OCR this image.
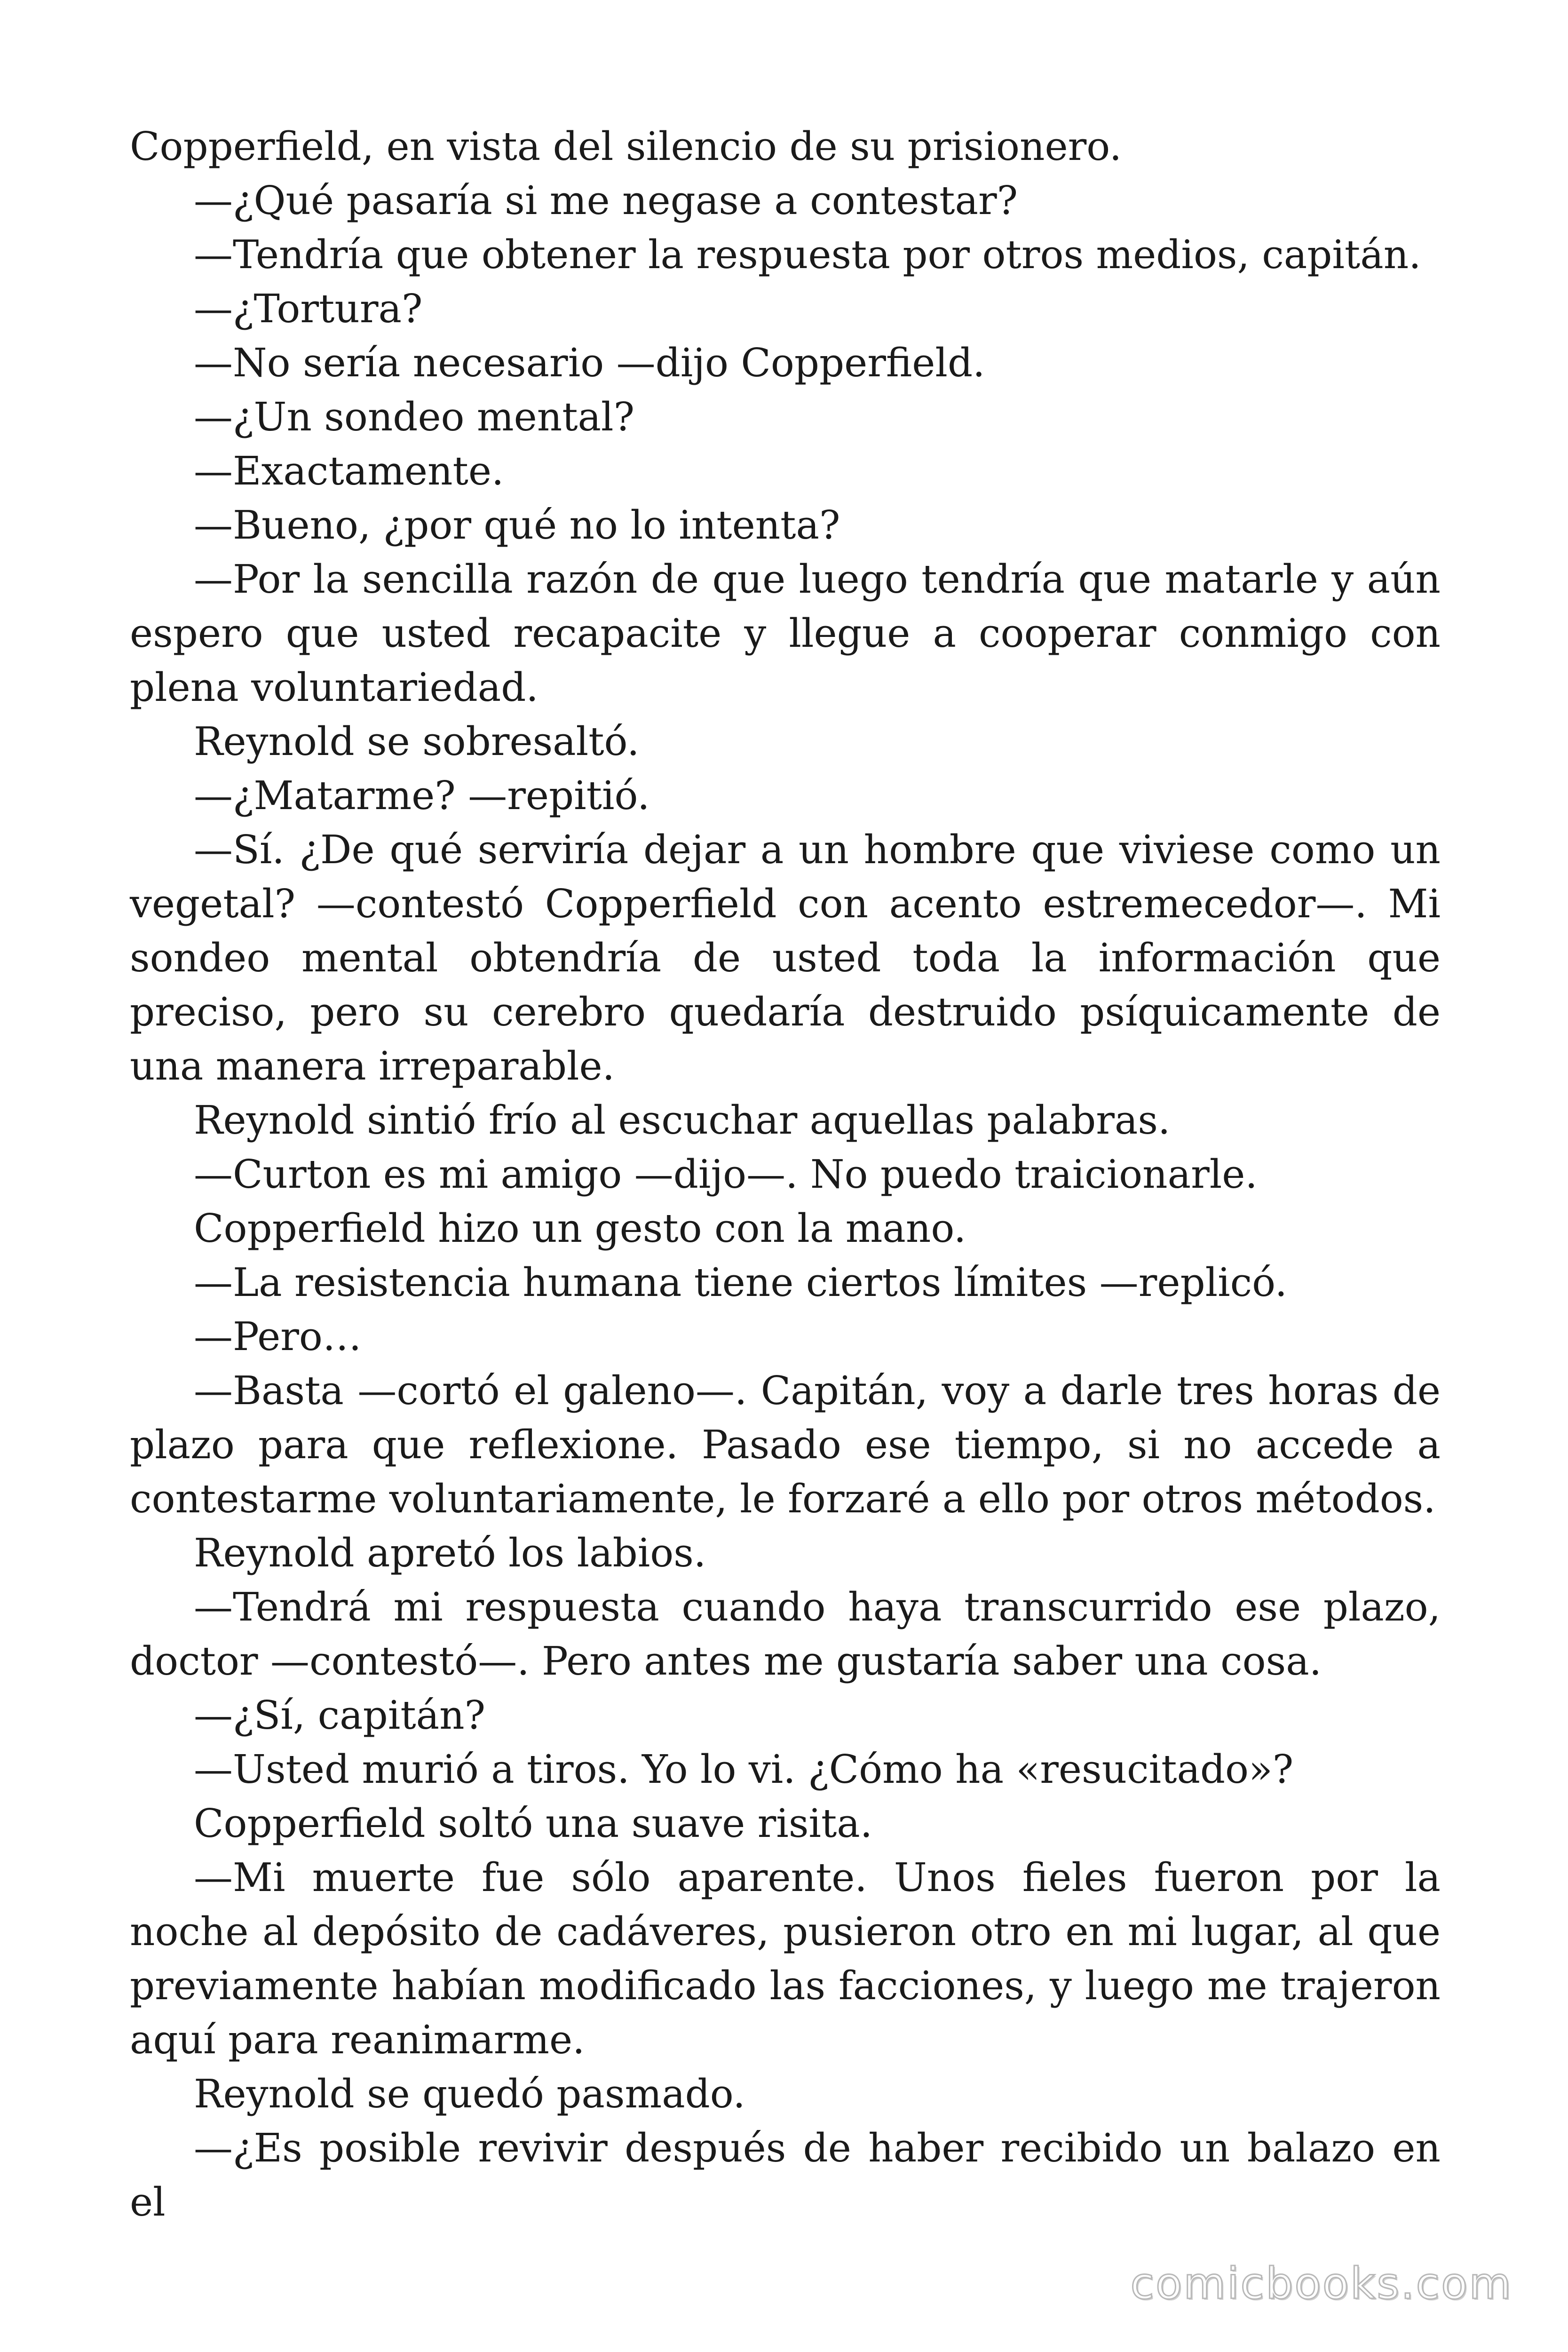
Copperfield, en vista del silencio de su prisionero.

—¿Qué pasaría si me negase a contestar?

—Tendría que obtener la respuesta por otros medios, capitán.

—¿Tortura?

—No sería necesario —dijo Copperfield.

—¿Un sondeo mental?

—Exactamente.

—Bueno, ¿por qué no lo intenta?

—Por la sencilla razón de que luego tendría que matarle y aún espero que usted recapacite y llegue a cooperar conmigo con plena voluntariedad.

Reynold se sobresaltó.

—¿Matarme? —repitió.

—Sí. ¿De qué serviría dejar a un hombre que viviese como un vegetal? —contestó Copperfield con acento estremecedor—. Mi sondeo mental obtendría de usted toda la información que preciso, pero su cerebro quedaría destruido psíquicamente de una manera irreparable.

Reynold sintió frío al escuchar aquellas palabras.

—Curton es mi amigo —dijo—. No puedo traicionarle.

Copperfield hizo un gesto con la mano.

—La resistencia humana tiene ciertos límites —replicó.

—Pero…

—Basta —cortó el galeno—. Capitán, voy a darle tres horas de plazo para que reflexione. Pasado ese tiempo, si no accede a contestarme voluntariamente, le forzaré a ello por otros métodos.

Reynold apretó los labios.

—Tendrá mi respuesta cuando haya transcurrido ese plazo, doctor —contestó—. Pero antes me gustaría saber una cosa.

—¿Sí, capitán?

—Usted murió a tiros. Yo lo vi. ¿Cómo ha «resucitado»?

Copperfield soltó una suave risita.

—Mi muerte fue sólo aparente. Unos fieles fueron por la noche al depósito de cadáveres, pusieron otro en mi lugar, al que previamente habían modificado las facciones, y luego me trajeron aquí para reanimarme.

Reynold se quedó pasmado.

—¿Es posible revivir después de haber recibido un balazo en el

comicbooks.com
